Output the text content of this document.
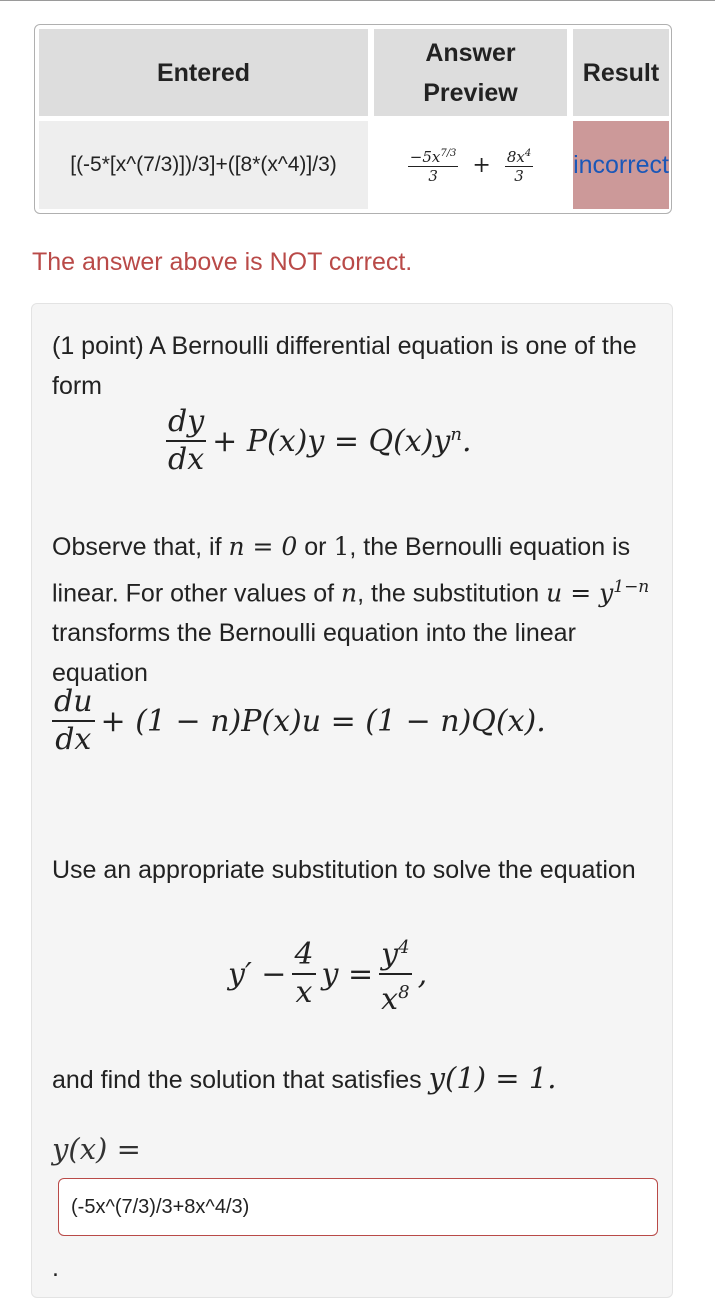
Entered
Answer
Preview
Result
[(-5*[x^(7/3)])/3]+([8*(x^4)]/3)	$\frac{-5x^{7/3}}{3} + \frac{8x^4}{3}$ incorrect
The answer above is NOT correct.
(1 point) A Bernoulli differential equation is one of the form
dy
dx
+ $P(x)y = Q(x)y^n$.
Observe that, if n = 0 or 1, the Bernoulli equation is linear. For other values of n, the substitution $u = y^{1-n}$ transforms the Bernoulli equation into the linear equation
du
dx
+ (1 − n)P(x)u = (1 − n)Q(x).
Use an appropriate substitution to solve the equation
y′ −
4
x
y =
$y^4$
$x^8$
,
and find the solution that satisfies y(1) = 1.
y(x) =
(-5x^(7/3)/3+8x^4/3)
.
